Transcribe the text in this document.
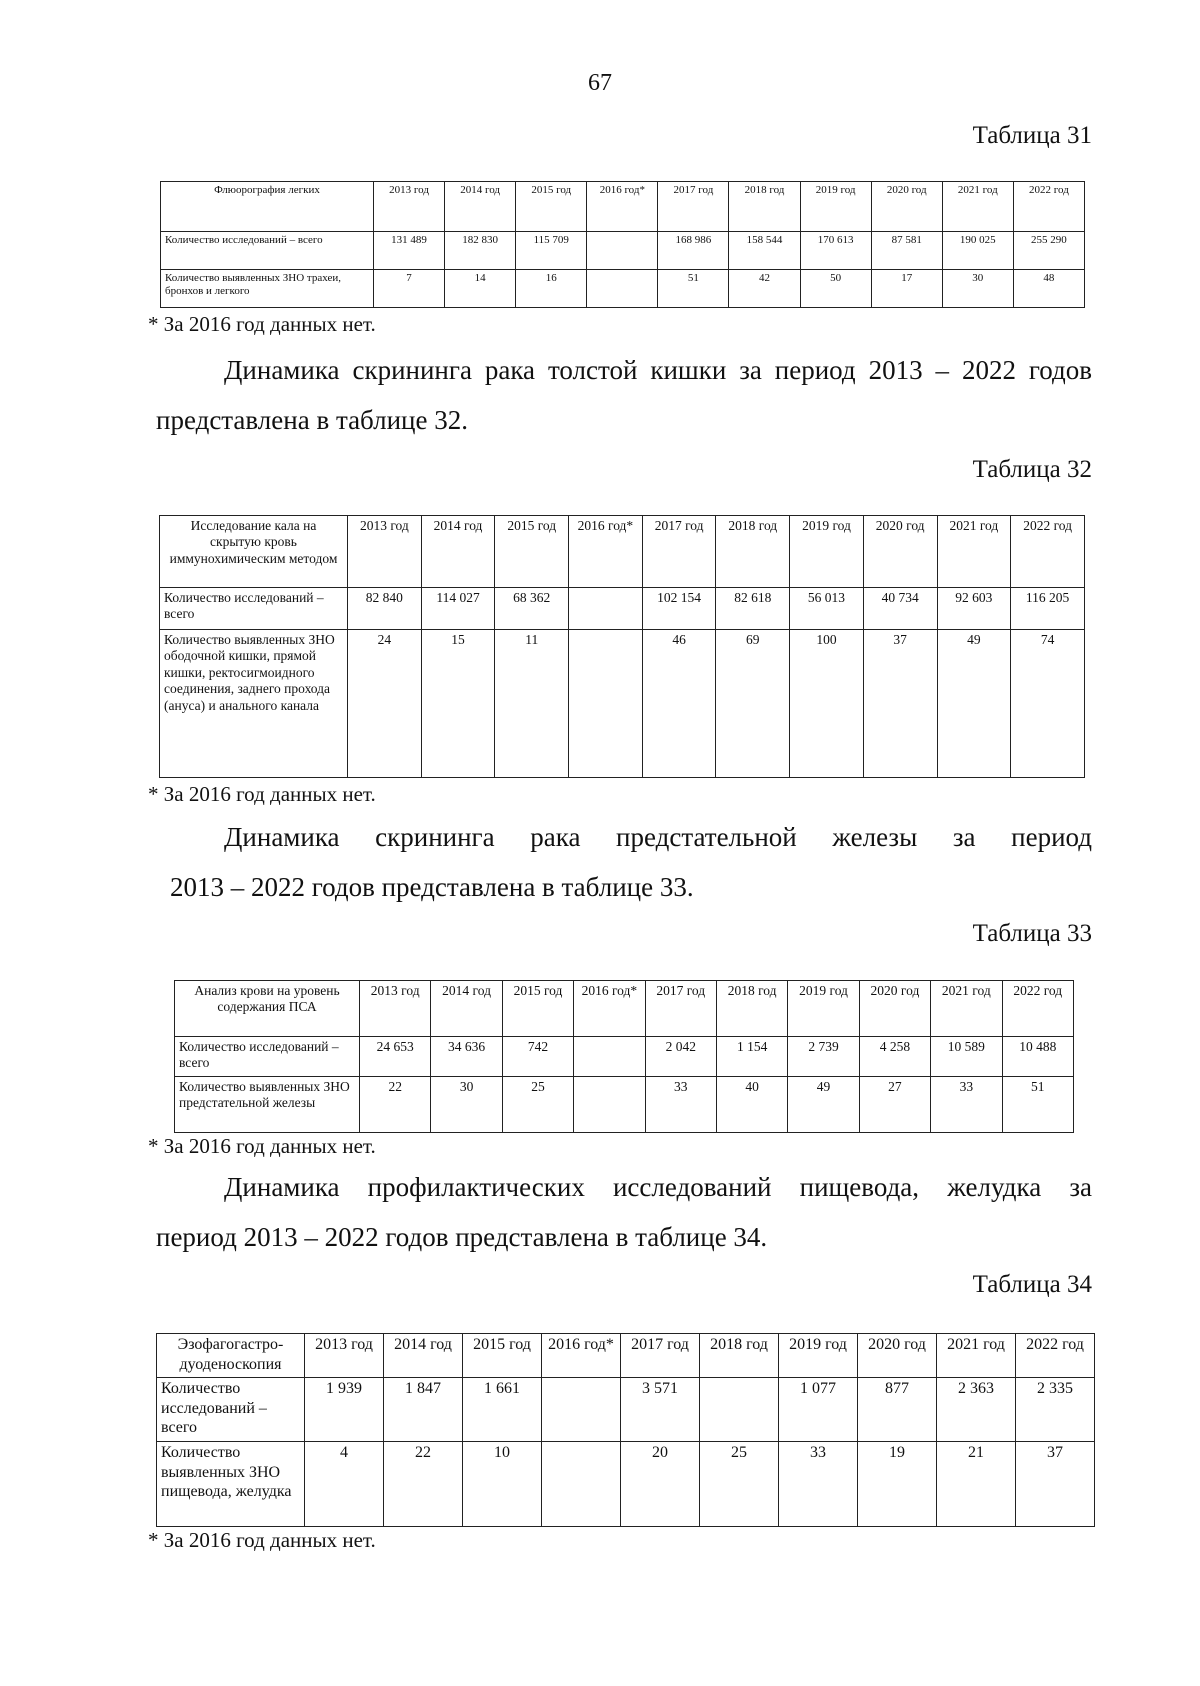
67
Таблица 31
Флюорография легких	2013 год	2014 год	2015 год	2016 год*	2017 год	2018 год	2019 год	2020 год	2021 год	2022 год
Количество исследований – всего	131 489	182 830	115 709		168 986	158 544	170 613	87 581	190 025	255 290
Количество выявленных ЗНО трахеи, бронхов и легкого	7	14	16		51	42	50	17	30	48
* За 2016 год данных нет.
Динамика скрининга рака толстой кишки за период 2013 – 2022 годов
представлена в таблице 32.
Таблица 32
Исследование кала на скрытую кровь иммунохимическим методом	2013 год	2014 год	2015 год	2016 год*	2017 год	2018 год	2019 год	2020 год	2021 год	2022 год
Количество исследований – всего	82 840	114 027	68 362		102 154	82 618	56 013	40 734	92 603	116 205
Количество выявленных ЗНО ободочной кишки, прямой кишки, ректосигмоидного соединения, заднего прохода (ануса) и анального канала	24	15	11		46	69	100	37	49	74
* За 2016 год данных нет.
Динамика скрининга рака предстательной железы за период
2013 – 2022 годов представлена в таблице 33.
Таблица 33
Анализ крови на уровень содержания ПСА	2013 год	2014 год	2015 год	2016 год*	2017 год	2018 год	2019 год	2020 год	2021 год	2022 год
Количество исследований – всего	24 653	34 636	742		2 042	1 154	2 739	4 258	10 589	10 488
Количество выявленных ЗНО предстательной железы	22	30	25		33	40	49	27	33	51
* За 2016 год данных нет.
Динамика профилактических исследований пищевода, желудка за
период 2013 – 2022 годов представлена в таблице 34.
Таблица 34
Эзофагогастро-дуоденоскопия	2013 год	2014 год	2015 год	2016 год*	2017 год	2018 год	2019 год	2020 год	2021 год	2022 год
Количество исследований – всего	1 939	1 847	1 661		3 571		1 077	877	2 363	2 335
Количество выявленных ЗНО пищевода, желудка	4	22	10		20	25	33	19	21	37
* За 2016 год данных нет.
